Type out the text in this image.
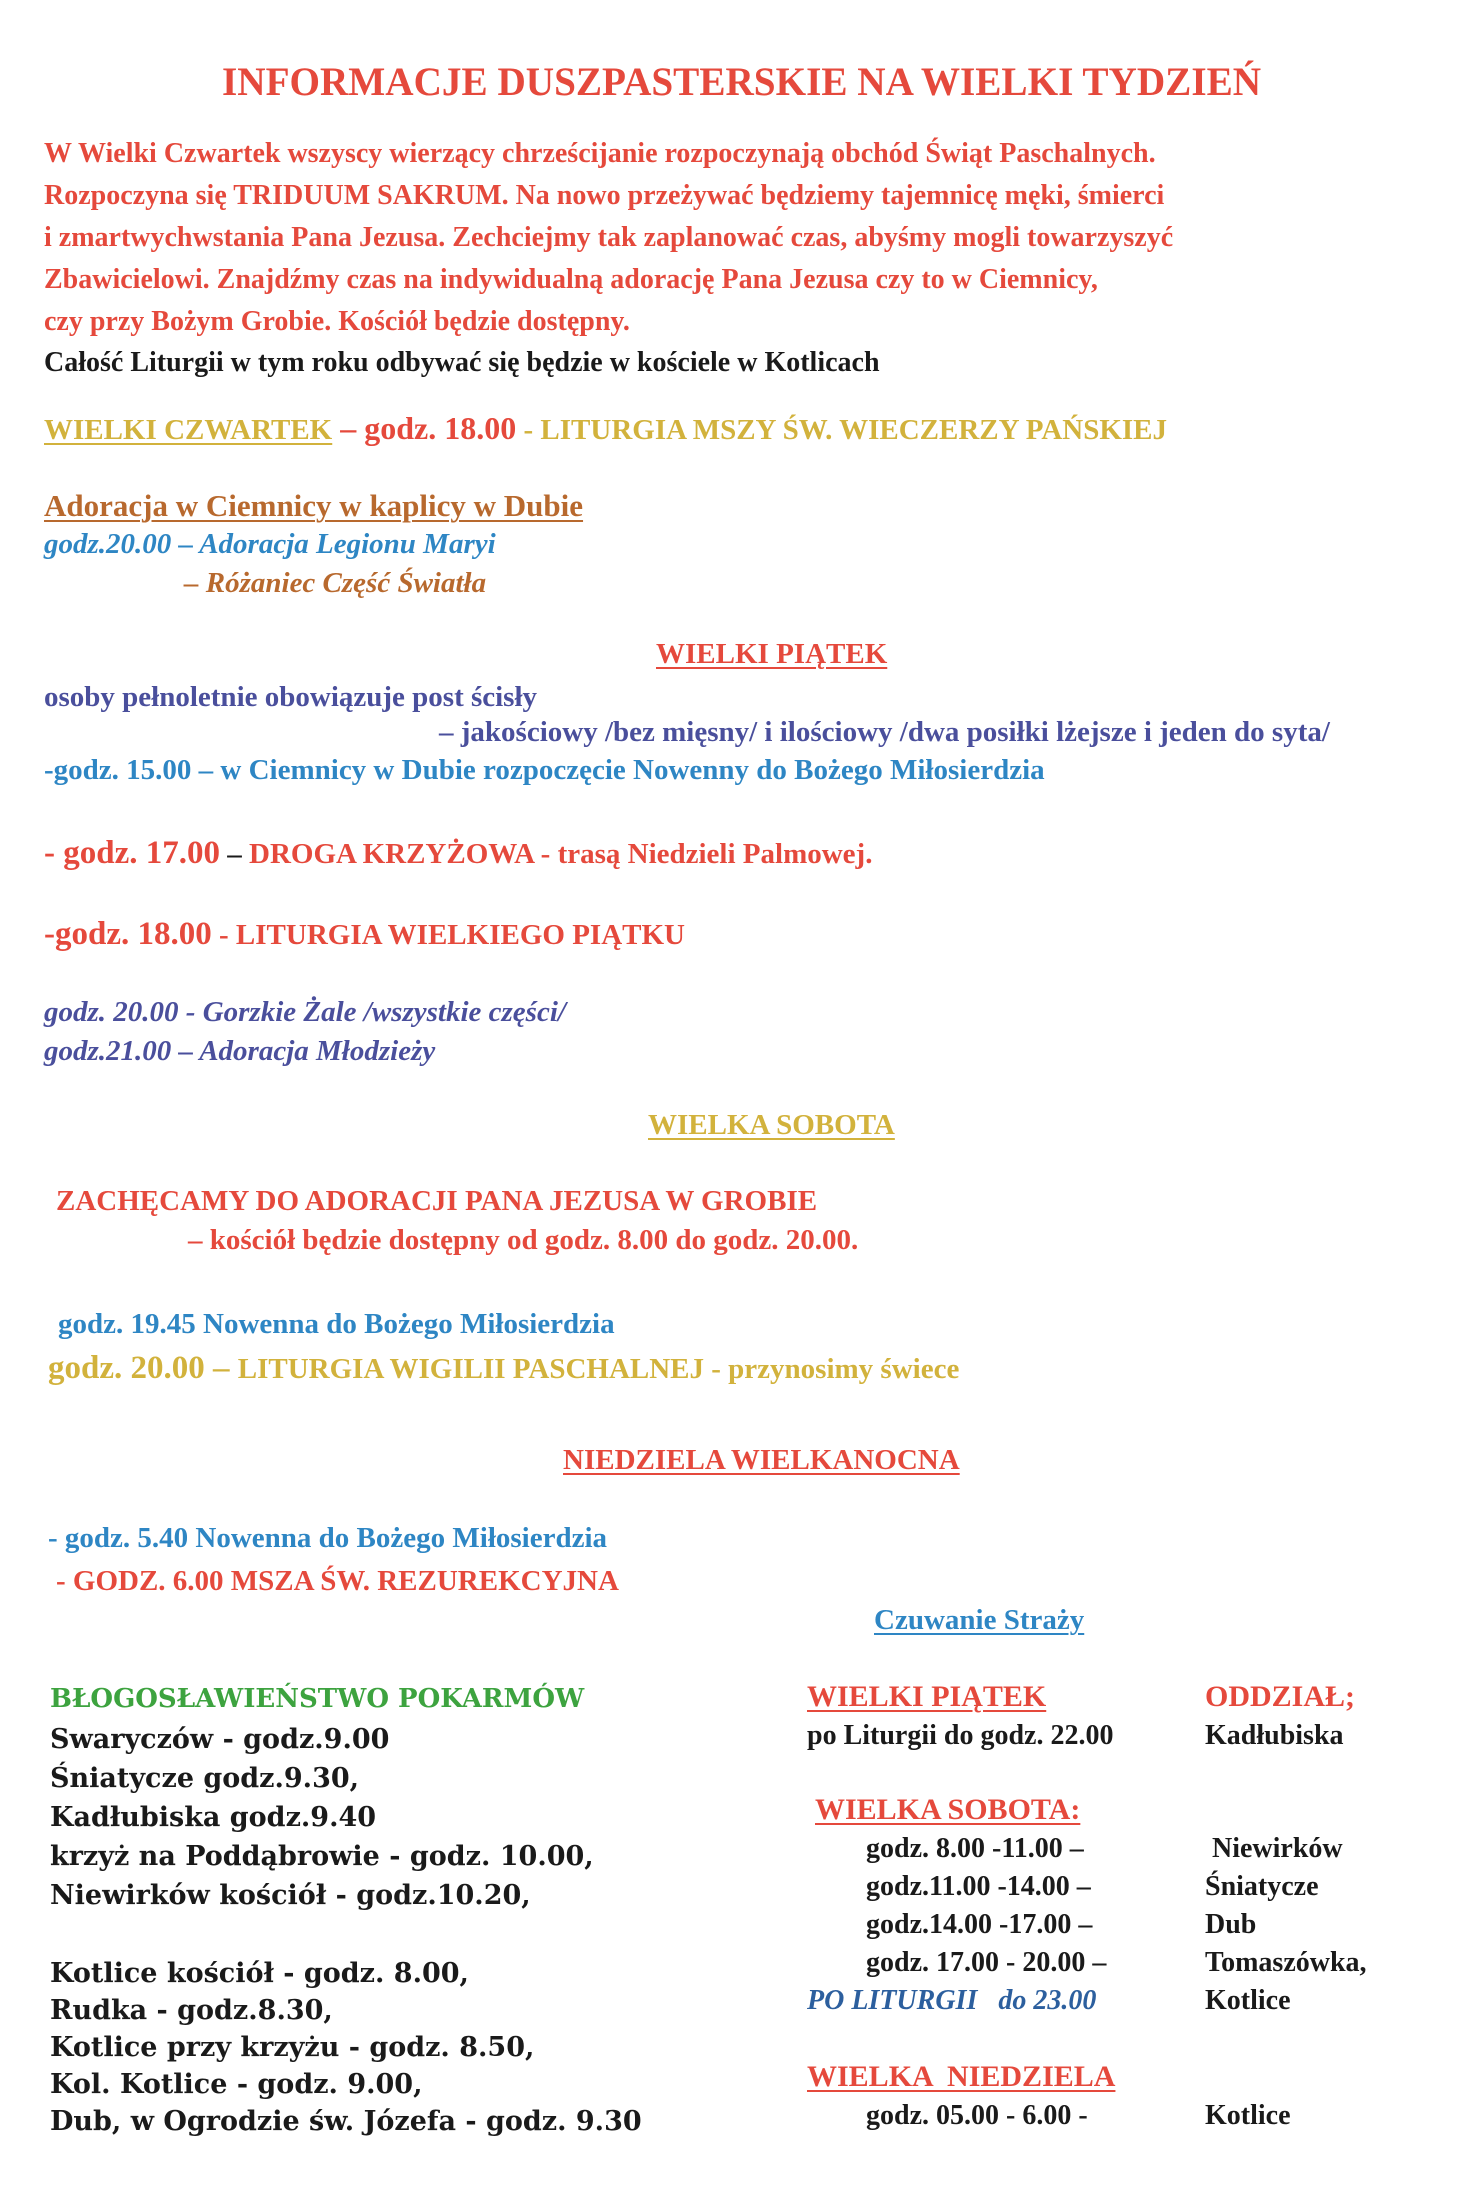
INFORMACJE DUSZPASTERSKIE NA WIELKI TYDZIEŃ
W Wielki Czwartek wszyscy wierzący chrześcijanie rozpoczynają obchód Świąt Paschalnych.
Rozpoczyna się TRIDUUM SAKRUM. Na nowo przeżywać będziemy tajemnicę męki, śmierci
i zmartwychwstania Pana Jezusa. Zechciejmy tak zaplanować czas, abyśmy mogli towarzyszyć
Zbawicielowi. Znajdźmy czas na indywidualną adorację Pana Jezusa czy to w Ciemnicy,
czy przy Bożym Grobie. Kościół będzie dostępny.
Całość Liturgii w tym roku odbywać się będzie w kościele w Kotlicach
WIELKI CZWARTEK – godz. 18.00 - LITURGIA MSZY ŚW. WIECZERZY PAŃSKIEJ
Adoracja w Ciemnicy w kaplicy w Dubie
godz.20.00 – Adoracja Legionu Maryi
– Różaniec Część Światła
WIELKI PIĄTEK
osoby pełnoletnie obowiązuje post ścisły
– jakościowy /bez mięsny/ i ilościowy /dwa posiłki lżejsze i jeden do syta/
-godz. 15.00 – w Ciemnicy w Dubie rozpoczęcie Nowenny do Bożego Miłosierdzia
- godz. 17.00 – DROGA KRZYŻOWA - trasą Niedzieli Palmowej.
-godz. 18.00 - LITURGIA WIELKIEGO PIĄTKU
godz. 20.00 - Gorzkie Żale /wszystkie części/
godz.21.00 – Adoracja Młodzieży
WIELKA SOBOTA
ZACHĘCAMY DO ADORACJI PANA JEZUSA W GROBIE
– kościół będzie dostępny od godz. 8.00 do godz. 20.00.
godz. 19.45 Nowenna do Bożego Miłosierdzia
godz. 20.00 – LITURGIA WIGILII PASCHALNEJ - przynosimy świece
NIEDZIELA WIELKANOCNA
- godz. 5.40 Nowenna do Bożego Miłosierdzia
- GODZ. 6.00 MSZA ŚW. REZUREKCYJNA
Czuwanie Straży
BŁOGOSŁAWIEŃSTWO POKARMÓW
Swaryczów - godz.9.00
Śniatycze godz.9.30,
Kadłubiska godz.9.40
krzyż na Poddąbrowie - godz. 10.00,
Niewirków kościół - godz.10.20,
Kotlice kościół - godz. 8.00,
Rudka - godz.8.30,
Kotlice przy krzyżu - godz. 8.50,
Kol. Kotlice - godz. 9.00,
Dub, w Ogrodzie św. Józefa - godz. 9.30
WIELKI PIĄTEK	ODDZIAŁ;
po Liturgii do godz. 22.00	Kadłubiska
WIELKA SOBOTA:
godz. 8.00 -11.00 –	Niewirków
godz.11.00 -14.00 –	Śniatycze
godz.14.00 -17.00 –	Dub
godz. 17.00 - 20.00 –	Tomaszówka,
PO LITURGII   do 23.00	Kotlice
WIELKA  NIEDZIELA
godz. 05.00 - 6.00 -	Kotlice
